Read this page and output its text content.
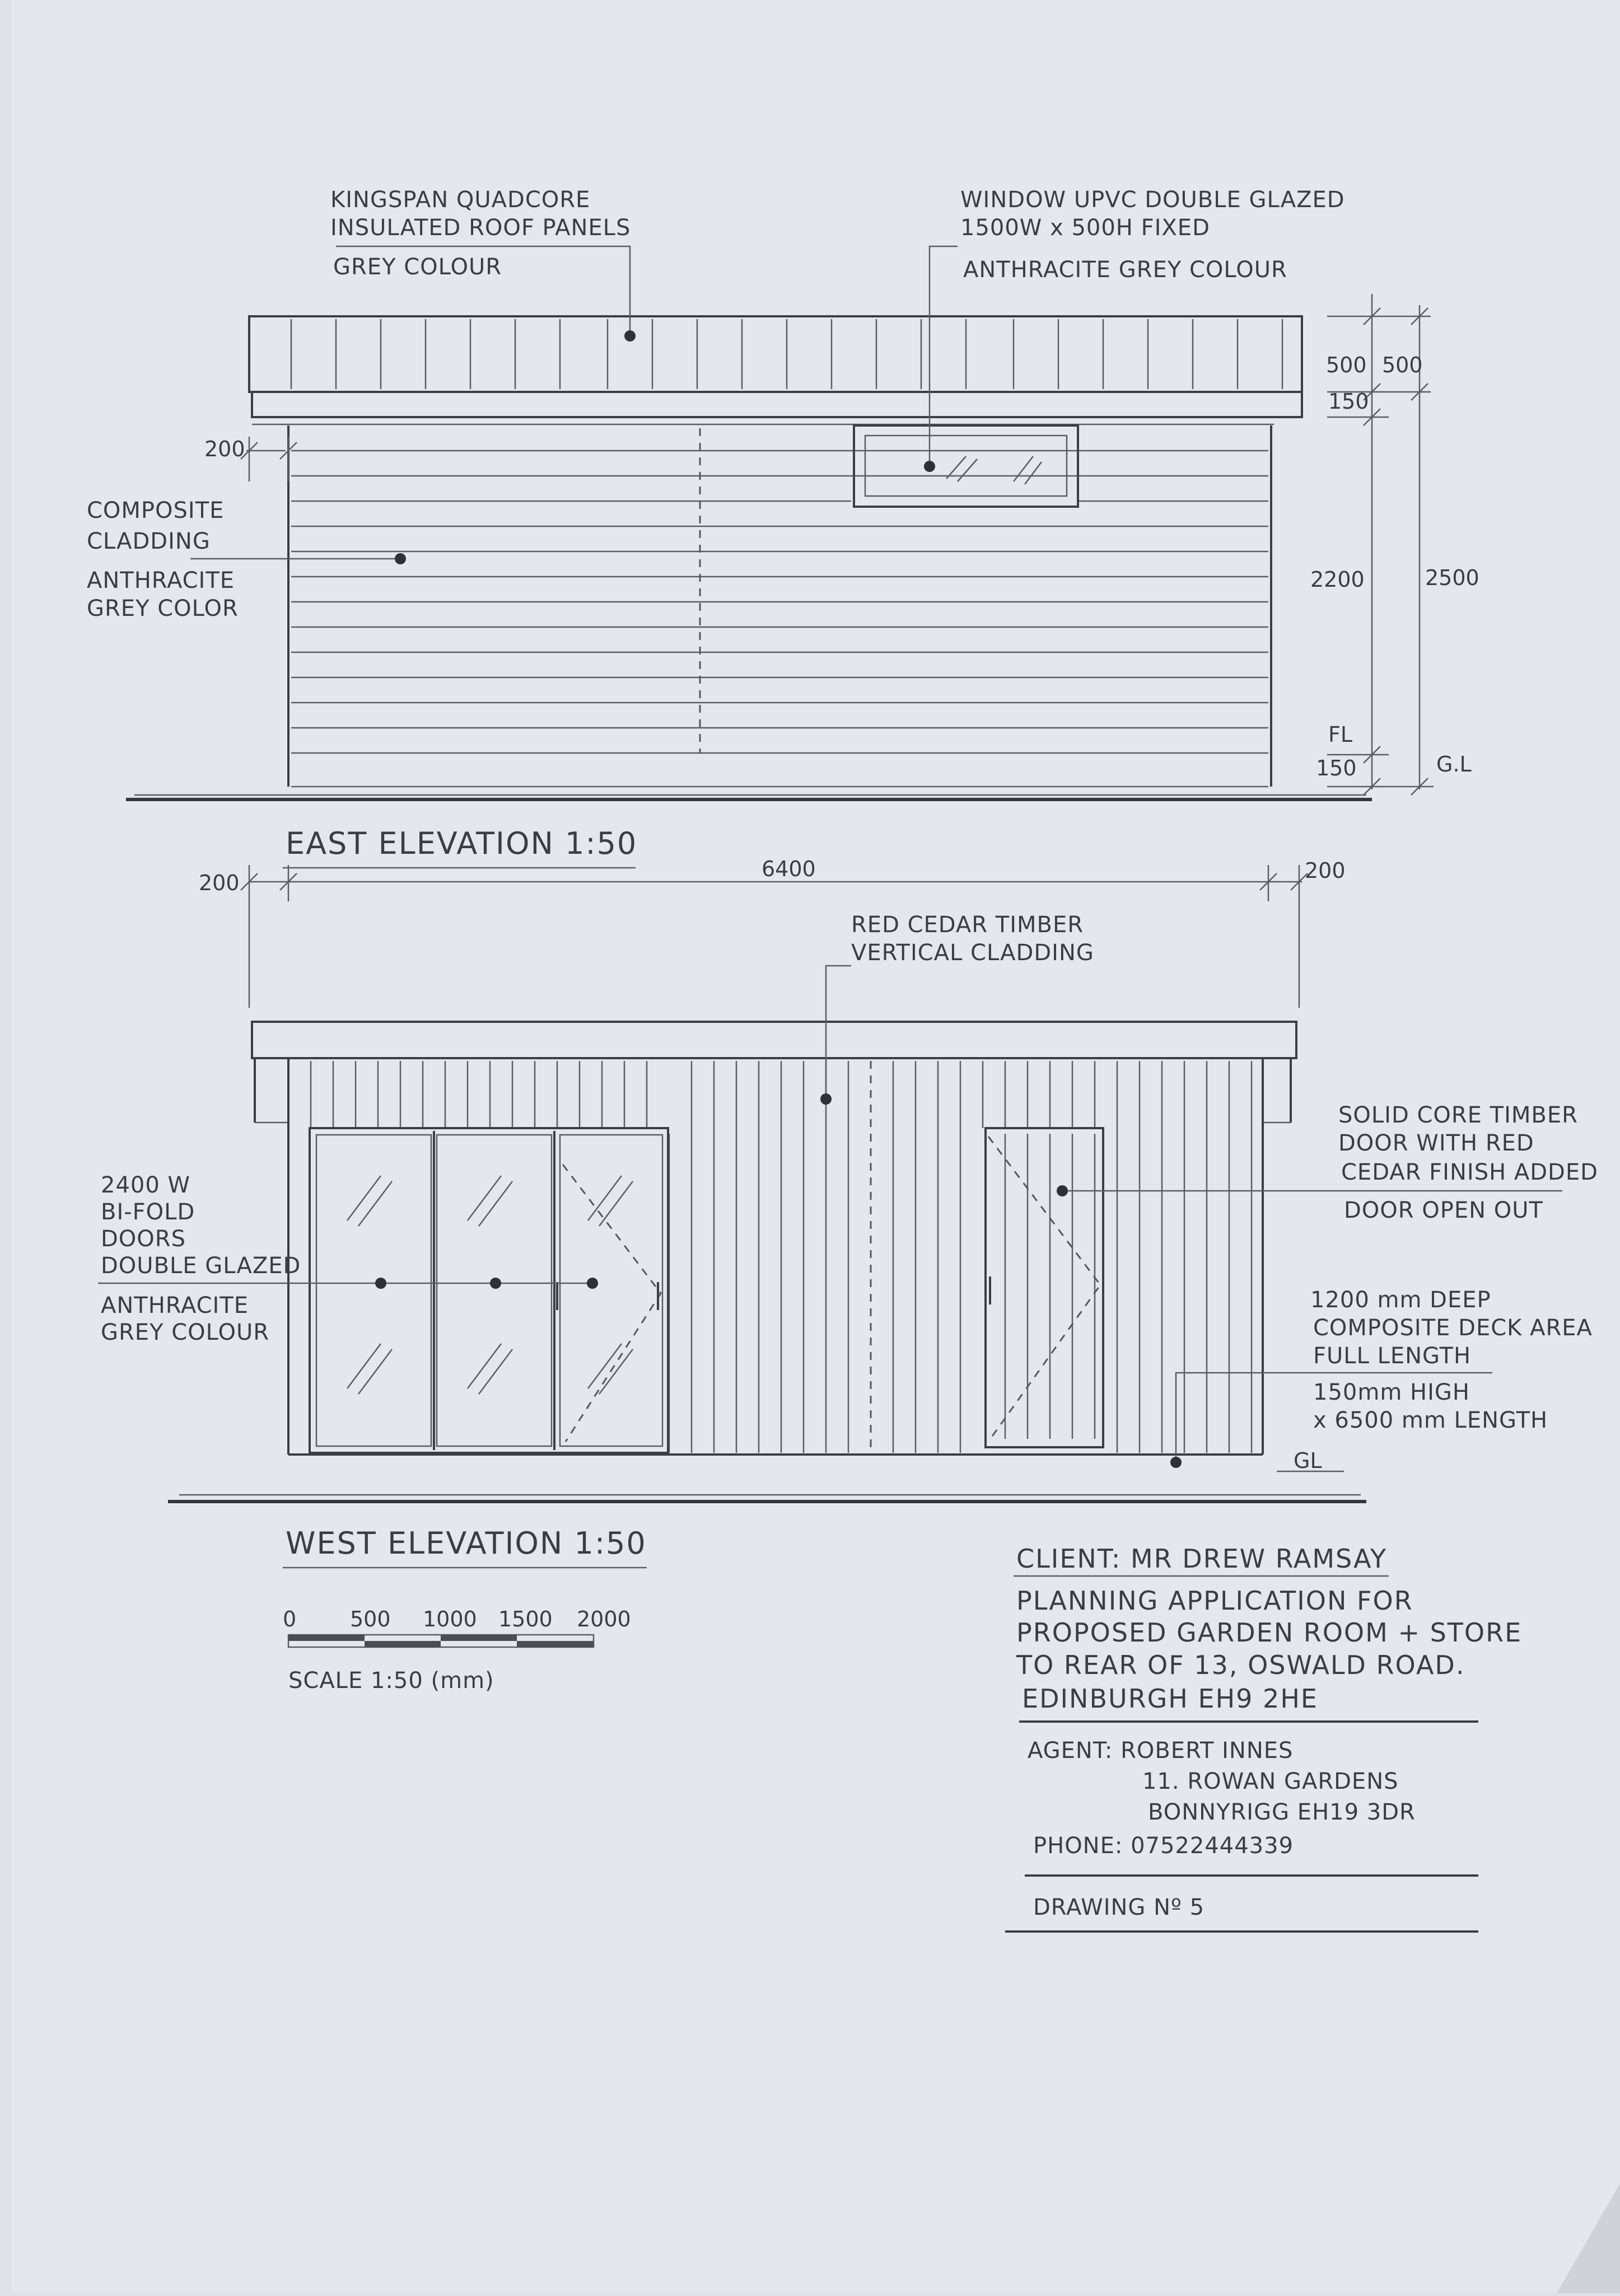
KINGSPAN QUADCORE
INSULATED ROOF PANELS
GREY COLOUR
WINDOW UPVC DOUBLE GLAZED
1500W x 500H FIXED
ANTHRACITE GREY COLOUR
COMPOSITE
CLADDING
ANTHRACITE
GREY COLOR
500 500
150
2200	2500
FL
150	G.L
200
EAST ELEVATION 1:50
6400
200	200
GL
RED CEDAR TIMBER
VERTICAL CLADDING
2400 W
BI-FOLD
DOORS
DOUBLE GLAZED
ANTHRACITE
GREY COLOUR
SOLID CORE TIMBER
DOOR WITH RED
CEDAR FINISH ADDED
DOOR OPEN OUT
1200 mm DEEP
COMPOSITE DECK AREA
FULL LENGTH
150mm HIGH
x 6500 mm LENGTH
WEST ELEVATION 1:50
0	500 1000 1500 2000
SCALE 1:50 (mm)
CLIENT: MR DREW RAMSAY
PLANNING APPLICATION FOR
PROPOSED GARDEN ROOM + STORE
TO REAR OF 13, OSWALD ROAD.
EDINBURGH EH9 2HE
AGENT: ROBERT INNES
11. ROWAN GARDENS
BONNYRIGG EH19 3DR
PHONE: 07522444339
DRAWING Nº 5
